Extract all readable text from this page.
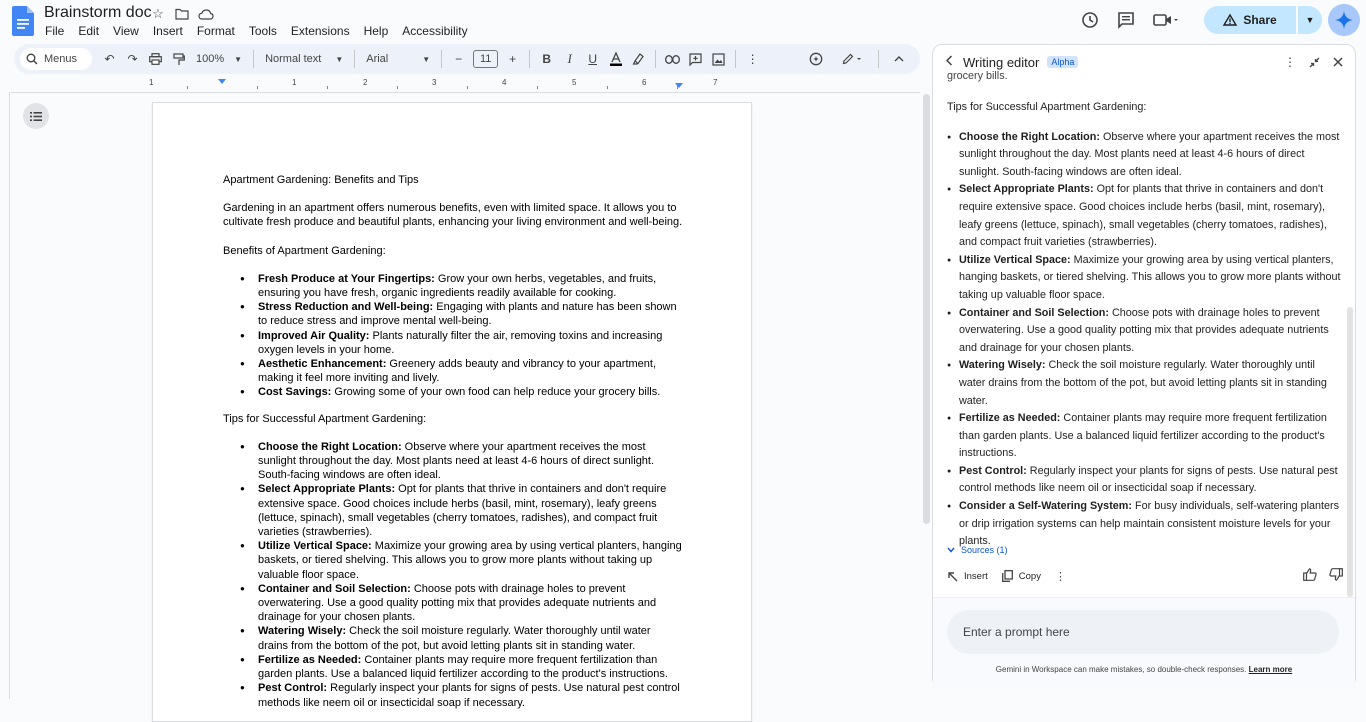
Brainstorm doc ☆
File	Edit	View	Insert	Format	Tools	Extensions	Help	Accessibility
Share	▼
Menus	↶	↷	100% ▼ Normal text ▼ Arial	▼	−	11	+	B	I	U	⋮
1	1	2	3	4	5	6	7

Apartment Gardening: Benefits and Tips

Gardening in an apartment offers numerous benefits, even with limited space. It allows you to cultivate fresh produce and beautiful plants, enhancing your living environment and well-being.

Benefits of Apartment Gardening:

● Fresh Produce at Your Fingertips: Grow your own herbs, vegetables, and fruits, ensuring you have fresh, organic ingredients readily available for cooking.
● Stress Reduction and Well-being: Engaging with plants and nature has been shown to reduce stress and improve mental well-being.
● Improved Air Quality: Plants naturally filter the air, removing toxins and increasing oxygen levels in your home.
● Aesthetic Enhancement: Greenery adds beauty and vibrancy to your apartment, making it feel more inviting and lively.
● Cost Savings: Growing some of your own food can help reduce your grocery bills.

Tips for Successful Apartment Gardening:

● Choose the Right Location: Observe where your apartment receives the most sunlight throughout the day. Most plants need at least 4-6 hours of direct sunlight. South-facing windows are often ideal.
● Select Appropriate Plants: Opt for plants that thrive in containers and don't require extensive space. Good choices include herbs (basil, mint, rosemary), leafy greens (lettuce, spinach), small vegetables (cherry tomatoes, radishes), and compact fruit varieties (strawberries).
● Utilize Vertical Space: Maximize your growing area by using vertical planters, hanging baskets, or tiered shelving. This allows you to grow more plants without taking up valuable floor space.
● Container and Soil Selection: Choose pots with drainage holes to prevent overwatering. Use a good quality potting mix that provides adequate nutrients and drainage for your chosen plants.
● Watering Wisely: Check the soil moisture regularly. Water thoroughly until water drains from the bottom of the pot, but avoid letting plants sit in standing water.
● Fertilize as Needed: Container plants may require more frequent fertilization than garden plants. Use a balanced liquid fertilizer according to the product's instructions.
● Pest Control: Regularly inspect your plants for signs of pests. Use natural pest control methods like neem oil or insecticidal soap if necessary.
Writing editor	Alpha	⋮
grocery bills.
Tips for Successful Apartment Gardening:
● Choose the Right Location: Observe where your apartment receives the most sunlight throughout the day. Most plants need at least 4-6 hours of direct sunlight. South-facing windows are often ideal.
● Select Appropriate Plants: Opt for plants that thrive in containers and don't require extensive space. Good choices include herbs (basil, mint, rosemary), leafy greens (lettuce, spinach), small vegetables (cherry tomatoes, radishes), and compact fruit varieties (strawberries).
● Utilize Vertical Space: Maximize your growing area by using vertical planters, hanging baskets, or tiered shelving. This allows you to grow more plants without taking up valuable floor space.
● Container and Soil Selection: Choose pots with drainage holes to prevent overwatering. Use a good quality potting mix that provides adequate nutrients and drainage for your chosen plants.
● Watering Wisely: Check the soil moisture regularly. Water thoroughly until water drains from the bottom of the pot, but avoid letting plants sit in standing water.
● Fertilize as Needed: Container plants may require more frequent fertilization than garden plants. Use a balanced liquid fertilizer according to the product's instructions.
● Pest Control: Regularly inspect your plants for signs of pests. Use natural pest control methods like neem oil or insecticidal soap if necessary.
● Consider a Self-Watering System: For busy individuals, self-watering planters or drip irrigation systems can help maintain consistent moisture levels for your plants.
Sources (1)
Insert	Copy ⋮
Enter a prompt here
Gemini in Workspace can make mistakes, so double-check responses. Learn more
